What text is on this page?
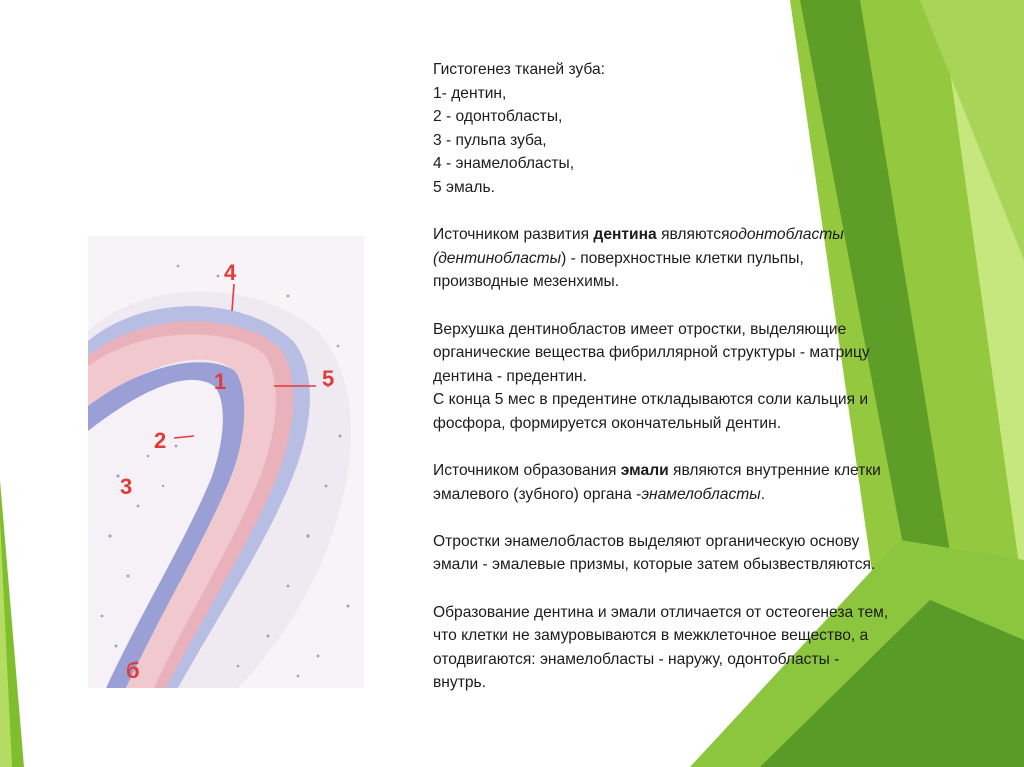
4
1	5
2
3
б

Гистогенез тканей зуба:

1- дентин,

2 - одонтобласты,

3 - пульпа зуба,

4 - энамелобласты,

5 эмаль.

Источником развития дентина являютсяодонтобласты

(дентинобласты) - поверхностные клетки пульпы,

производные мезенхимы.

Верхушка дентинобластов имеет отростки, выделяющие

органические вещества фибриллярной структуры - матрицу

дентина - предентин.

С конца 5 мес в предентине откладываются соли кальция и

фосфора, формируется окончательный дентин.

Источником образования эмали являются внутренние клетки

эмалевого (зубного) органа -энамелобласты.

Отростки энамелобластов выделяют органическую основу

эмали - эмалевые призмы, которые затем обызвествляются.

Образование дентина и эмали отличается от остеогенеза тем,

что клетки не замуровываются в межклеточное вещество, а

отодвигаются: энамелобласты - наружу, одонтобласты -

внутрь.
